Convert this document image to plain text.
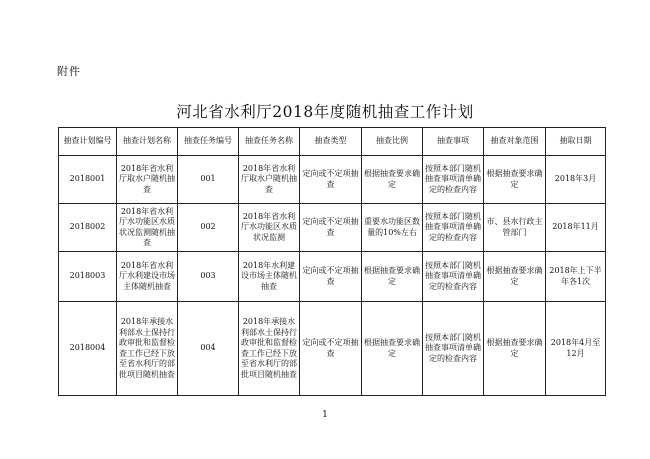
附件
河北省水利厅2018年度随机抽查工作计划
抽查计划编号	抽查计划名称	抽查任务编号	抽查任务名称	抽查类型	抽查比例	抽查事项	抽查对象范围	抽取日期
2018001	2018年省水利厅取水户随机抽查	001	2018年省水利厅取水户随机抽查	定向或不定项抽查	根据抽查要求确定	按照本部门随机抽查事项清单确定的检查内容	根据抽查要求确定	2018年3月
2018002	2018年省水利厅水功能区水质状况监测随机抽查	002	2018年省水利厅水功能区水质状况监测	定向或不定项抽查	重要水功能区数量的10%左右	按照本部门随机抽查事项清单确定的检查内容	市、县水行政主管部门	2018年11月
2018003	2018年省水利厅水利建设市场主体随机抽查	003	2018年水利建设市场主体随机抽查	定向或不定项抽查	根据抽查要求确定	按照本部门随机抽查事项清单确定的检查内容	根据抽查要求确定	2018年上下半年各1次
2018004	2018年承接水利部水土保持行政审批和监督检查工作已经下放至省水利厅的部批项目随机抽查	004	2018年承接水利部水土保持行政审批和监督检查工作已经下放至省水利厅的部批项目随机抽查	定向或不定项抽查	根据抽查要求确定	按照本部门随机抽查事项清单确定的检查内容	根据抽查要求确定	2018年4月至12月
1
